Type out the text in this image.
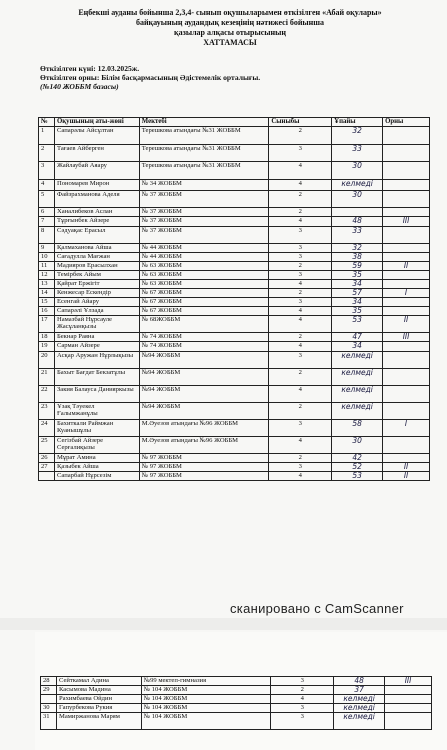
Еңбекші ауданы бойынша 2,3,4- сынып оқушыларымен өткізілген «Абай оқулары»
байқауының аудандық кезеңінің нәтижесі бойынша
қазылар алқасы отырысының
ХАТТАМАСЫ
Өткізілген күні: 12.03.2025ж.
Өткізілген орны: Білім басқармасының Әдістемелік орталығы.
(№140 ЖОББМ базасы)
№	Оқушының аты-жөні	Мектебі	Сыныбы	Ұпайы	Орны
1	Сапарәлы Айсұлтан	Терешкова атындағы №31 ЖОББМ	2	32	
2	Тағаев Айберген	Терешкова атындағы №31 ЖОББМ	3	33	
3	Жайлаубай Аяару	Терешкова атындағы №31 ЖОББМ	4	30	
4	Пономарев Мирон	№ 34 ЖОББМ	4	келмеді	
5	Файзрахманова Аделя	№ 37 ЖОББМ	2	30	
6	Ханалибеков Аслан	№ 37 ЖОББМ	2		
7	Тұрғынбек Айзере	№ 37 ЖОББМ	4	48	III
8	Сәдуақас Ерасыл	№ 37 ЖОББМ	3	33	
9	Қалмаханова Айша	№ 44 ЖОББМ	3	32	
10	Сағадулла Мағжан	№ 44 ЖОББМ	3	38	
11	Мадияров Ерасылхан	№ 63 ЖОББМ	2	59	II
12	Темірбек Айым	№ 63 ЖОББМ	3	35	
13	Қайрат Ержігіт	№ 63 ЖОББМ	4	34	
14	Кенжесар Ескендір	№ 67 ЖОББМ	2	57	I
15	Есенгай Айару	№ 67 ЖОББМ	3	34	
16	Сапарәлі Ұлзада	№ 67 ЖОББМ	4	35	
17	Намазбай Нұрсауле Жасұланқызы	№ 68ЖОББМ	4	53	II
18	Бекнар Раяна	№ 74 ЖОББМ	2	47	III
19	Сарман Айзере	№ 74 ЖОББМ	4	34	
20	Асқар Аружан Нұрлықызы	№94 ЖОББМ	3	келмеді	
21	Бахыт Бағдат Бекзатұлы	№94 ЖОББМ	2	келмеді	
22	Закия Балауса Данияркызы	№94 ЖОББМ	4	келмеді	
23	Ұзақ Тәуекел Ғалымжанұлы	№94 ЖОББМ	2	келмеді	
24	Бахиткали Раймжан Куанышұлы	М.Әуезов атындағы №96 ЖОББМ	3	58	I
25	Сегізбай Айзере Серғалиқызы	М.Әуезов атындағы №96 ЖОББМ	4	30	
26	Мұрат Амина	№ 97 ЖОББМ	2	42	
27	Қазыбек Айша	№ 97 ЖОББМ	3	52	II
	Сапарбай Нұрсезім	№ 97 ЖОББМ	4	53	II
сканировано с CamScanner
28	Сейткамал Адина	№99 мектеп-гимназия	3	48	III
29	Касымова Мадина	№ 104 ЖОББМ	2	37	
	Рахимбаева Ойдин	№ 104 ЖОББМ	4	келмеді	
30	Гапурбекова Рукия	№ 104 ЖОББМ	3	келмеді	
31	Мамиржанова Марям	№ 104 ЖОББМ	3	келмеді	
